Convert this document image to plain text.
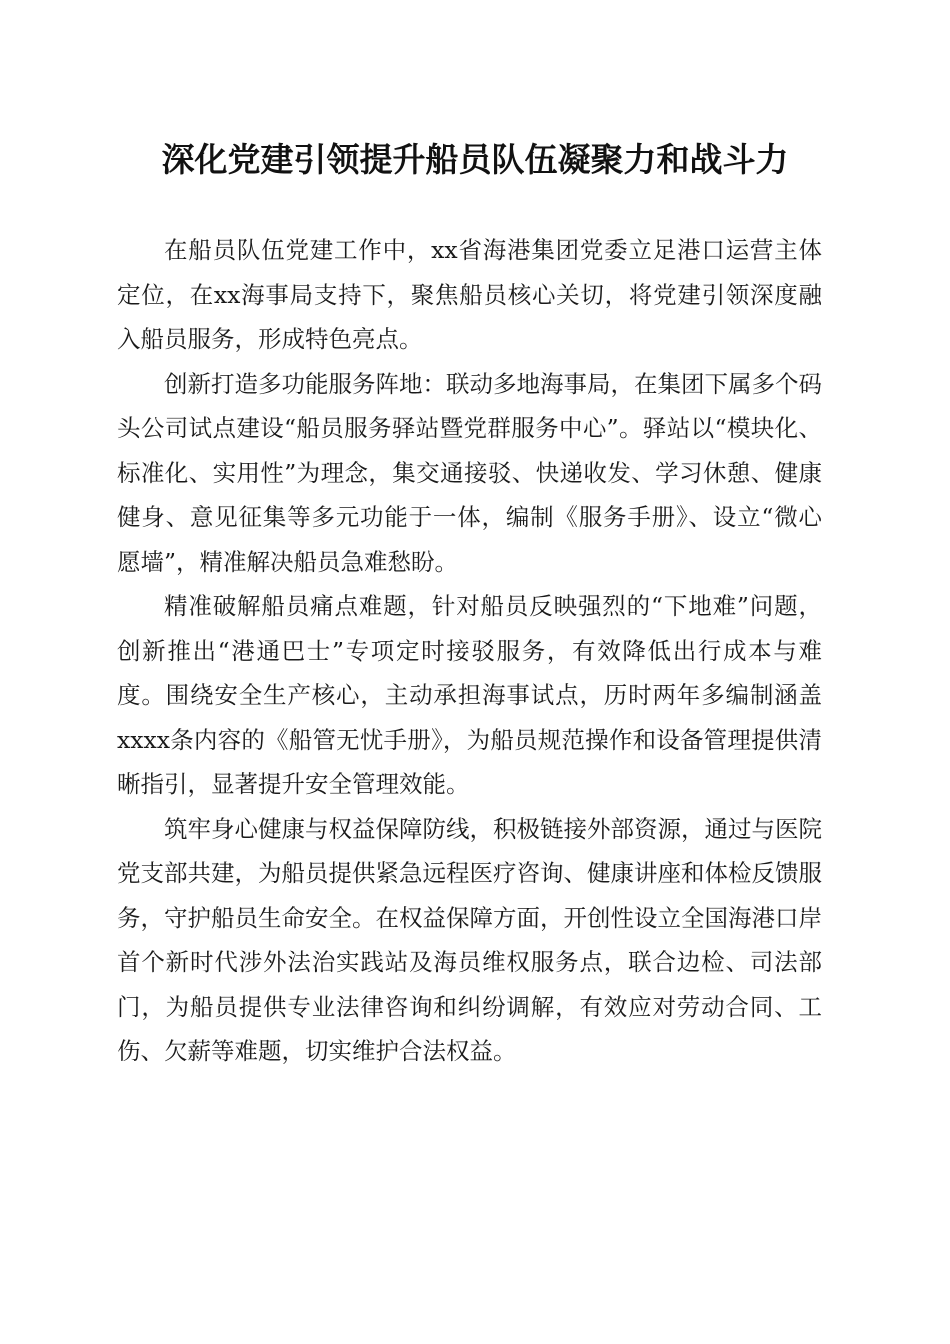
深化党建引领提升船员队伍凝聚力和战斗力

在船员队伍党建工作中，xx省海港集团党委立足港口运营主体定位，在xx海事局支持下，聚焦船员核心关切，将党建引领深度融入船员服务，形成特色亮点。

创新打造多功能服务阵地：联动多地海事局，在集团下属多个码头公司试点建设“船员服务驿站暨党群服务中心”。驿站以“模块化、标准化、实用性”为理念，集交通接驳、快递收发、学习休憩、健康健身、意见征集等多元功能于一体，编制《服务手册》、设立“微心愿墙”，精准解决船员急难愁盼。

精准破解船员痛点难题，针对船员反映强烈的“下地难”问题，创新推出“港通巴士”专项定时接驳服务，有效降低出行成本与难度。围绕安全生产核心，主动承担海事试点，历时两年多编制涵盖xxxx条内容的《船管无忧手册》，为船员规范操作和设备管理提供清晰指引，显著提升安全管理效能。

筑牢身心健康与权益保障防线，积极链接外部资源，通过与医院党支部共建，为船员提供紧急远程医疗咨询、健康讲座和体检反馈服务，守护船员生命安全。在权益保障方面，开创性设立全国海港口岸首个新时代涉外法治实践站及海员维权服务点，联合边检、司法部门，为船员提供专业法律咨询和纠纷调解，有效应对劳动合同、工伤、欠薪等难题，切实维护合法权益。
